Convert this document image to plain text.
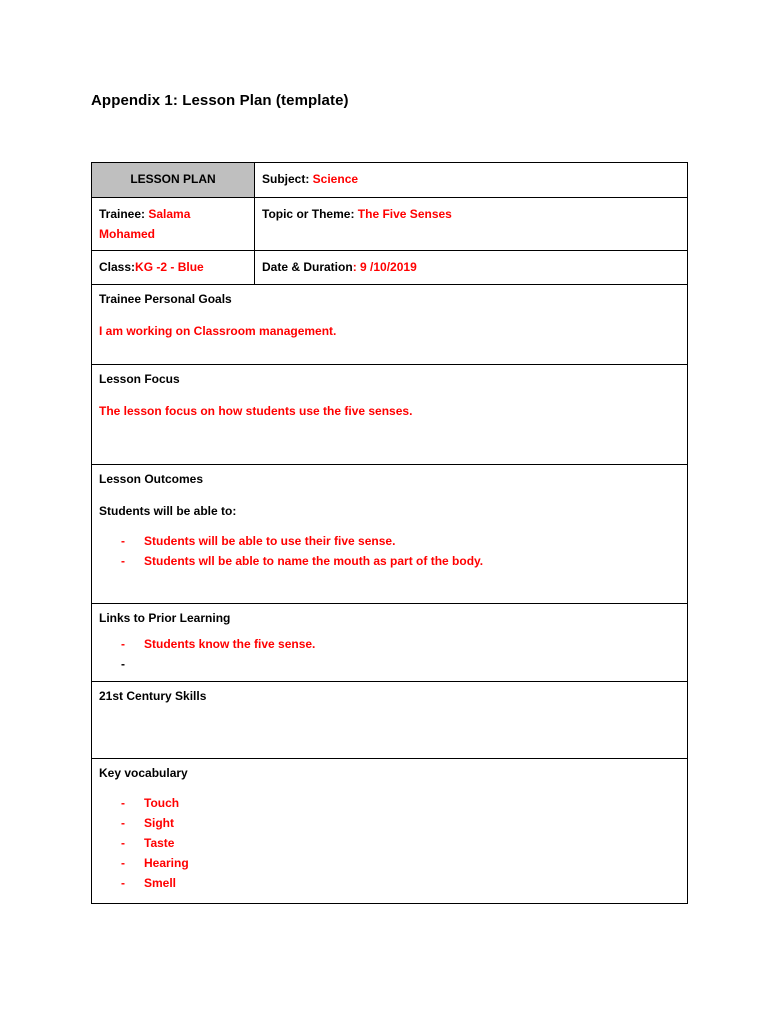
Appendix 1: Lesson Plan (template)
LESSON PLAN	Subject: Science
Trainee: Salama Mohamed
Topic or Theme: The Five Senses
Class:KG -2 - Blue	Date & Duration: 9 /10/2019
Trainee Personal Goals
I am working on Classroom management.
Lesson Focus
The lesson focus on how students use the five senses.
Lesson Outcomes
Students will be able to:
- Students will be able to use their five sense.
- Students wll be able to name the mouth as part of the body.
Links to Prior Learning
- Students know the five sense.
-
21st Century Skills
Key vocabulary
- Touch
- Sight
- Taste
- Hearing
- Smell
